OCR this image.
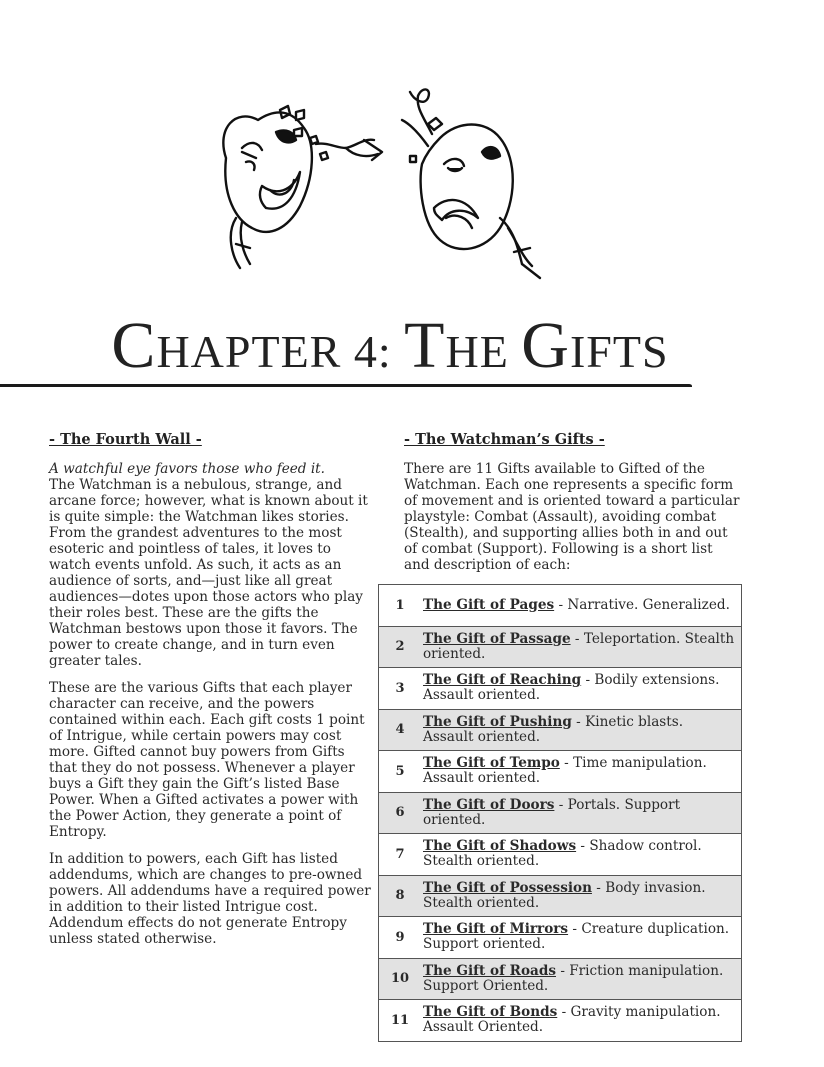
CHAPTER 4: THE GIFTS
- The Fourth Wall -

A watchful eye favors those who feed it.
The Watchman is a nebulous, strange, and arcane force; however, what is known about it is quite simple: the Watchman likes stories. From the grandest adventures to the most esoteric and pointless of tales, it loves to watch events unfold. As such, it acts as an audience of sorts, and—just like all great audiences—dotes upon those actors who play their roles best. These are the gifts the Watchman bestows upon those it favors. The power to create change, and in turn even greater tales.

These are the various Gifts that each player character can receive, and the powers contained within each. Each gift costs 1 point of Intrigue, while certain powers may cost more. Gifted cannot buy powers from Gifts that they do not possess. Whenever a player buys a Gift they gain the Gift’s listed Base Power. When a Gifted activates a power with the Power Action, they generate a point of Entropy.

In addition to powers, each Gift has listed addendums, which are changes to pre-owned powers. All addendums have a required power in addition to their listed Intrigue cost. Addendum effects do not generate Entropy unless stated otherwise.

- The Watchman’s Gifts -

There are 11 Gifts available to Gifted of the Watchman. Each one represents a specific form of movement and is oriented toward a particular playstyle: Combat (Assault), avoiding combat (Stealth), and supporting allies both in and out of combat (Support). Following is a short list and description of each:

1	The Gift of Pages - Narrative. Generalized.
2	The Gift of Passage - Teleportation. Stealth oriented.
3	The Gift of Reaching - Bodily extensions. Assault oriented.
4	The Gift of Pushing - Kinetic blasts. Assault oriented.
5	The Gift of Tempo - Time manipulation. Assault oriented.
6	The Gift of Doors - Portals. Support oriented.
7	The Gift of Shadows - Shadow control. Stealth oriented.
8	The Gift of Possession - Body invasion. Stealth oriented.
9	The Gift of Mirrors - Creature duplication. Support oriented.
10	The Gift of Roads - Friction manipulation. Support Oriented.
11	The Gift of Bonds - Gravity manipulation. Assault Oriented.
